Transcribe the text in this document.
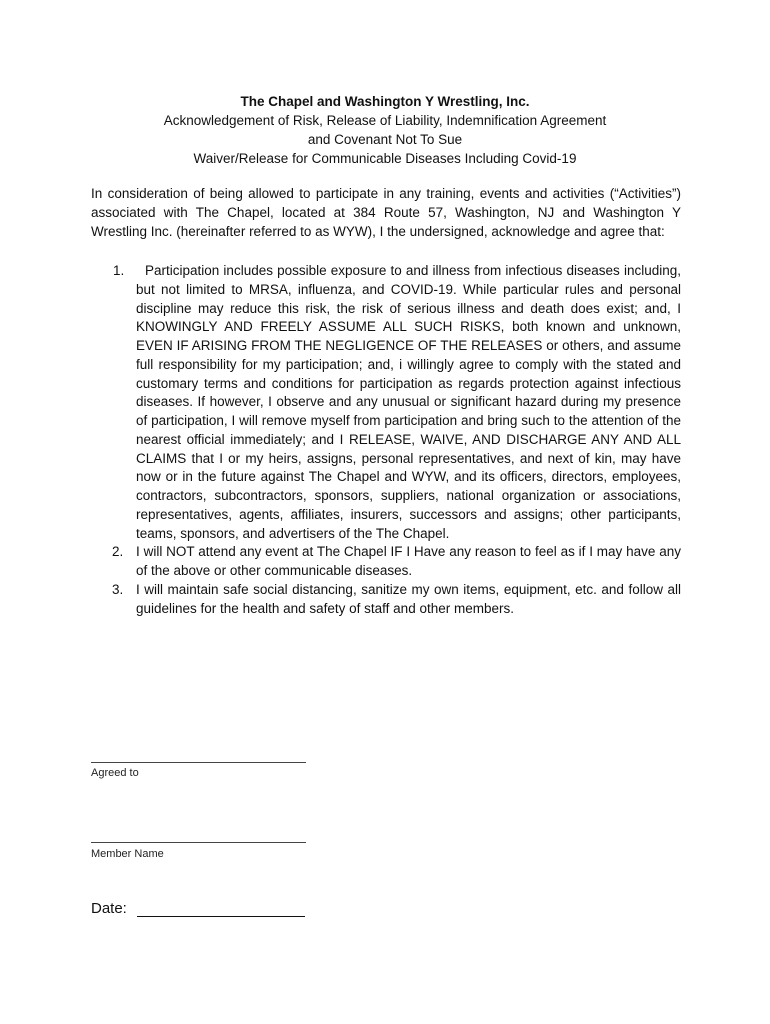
The Chapel and Washington Y Wrestling, Inc.
Acknowledgement of Risk, Release of Liability, Indemnification Agreement
and Covenant Not To Sue
Waiver/Release for Communicable Diseases Including Covid-19
In consideration of being allowed to participate in any training, events and activities (“Activities”) associated with The Chapel, located at 384 Route 57, Washington, NJ and Washington Y Wrestling Inc. (hereinafter referred to as WYW), I the undersigned, acknowledge and agree that:
1.	Participation includes possible exposure to and illness from infectious diseases including, but not limited to MRSA, influenza, and COVID-19. While particular rules and personal discipline may reduce this risk, the risk of serious illness and death does exist; and, I KNOWINGLY AND FREELY ASSUME ALL SUCH RISKS, both known and unknown, EVEN IF ARISING FROM THE NEGLIGENCE OF THE RELEASES or others, and assume full responsibility for my participation; and, i willingly agree to comply with the stated and customary terms and conditions for participation as regards protection against infectious diseases. If however, I observe and any unusual or significant hazard during my presence of participation, I will remove myself from participation and bring such to the attention of the nearest official immediately; and I RELEASE, WAIVE, AND DISCHARGE ANY AND ALL CLAIMS that I or my heirs, assigns, personal representatives, and next of kin, may have now or in the future against The Chapel and WYW, and its officers, directors, employees, contractors, subcontractors, sponsors, suppliers, national organization or associations, representatives, agents, affiliates, insurers, successors and assigns; other participants, teams, sponsors, and advertisers of the The Chapel.
2. I will NOT attend any event at The Chapel IF I Have any reason to feel as if I may have any of the above or other communicable diseases.
3. I will maintain safe social distancing, sanitize my own items, equipment, etc. and follow all guidelines for the health and safety of staff and other members.
Agreed to
Member Name
Date:
